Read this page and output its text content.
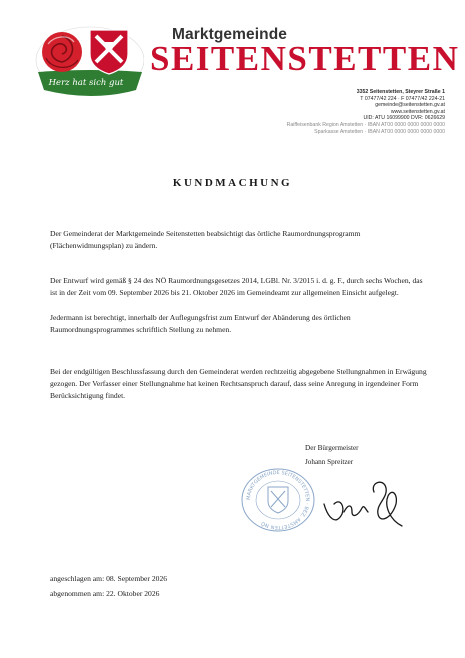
Herz hat sich gut
Marktgemeinde
SEITENSTETTEN
3352 Seitenstetten, Steyrer Straße 1
T 07477/42 224 · F 07477/42 224-21
gemeinde@seitenstetten.gv.at
www.seitenstetten.gv.at
UID: ATU 16099900 DVR: 0626629
Raiffeisenbank Region Amstetten · IBAN AT00 0000 0000 0000 0000
Sparkasse Amstetten · IBAN AT00 0000 0000 0000 0000
KUNDMACHUNG
Der Gemeinderat der Marktgemeinde Seitenstetten beabsichtigt das örtliche Raumordnungsprogramm (Flächenwidmungsplan) zu ändern.
Der Entwurf wird gemäß § 24 des NÖ Raumordnungsgesetzes 2014, LGBl. Nr. 3/2015 i. d. g. F., durch sechs Wochen, das ist in der Zeit vom 09. September 2026 bis 21. Oktober 2026 im Gemeindeamt zur allgemeinen Einsicht aufgelegt.
Jedermann ist berechtigt, innerhalb der Auflegungsfrist zum Entwurf der Abänderung des örtlichen Raumordnungsprogrammes schriftlich Stellung zu nehmen.
Bei der endgültigen Beschlussfassung durch den Gemeinderat werden rechtzeitig abgegebene Stellungnahmen in Erwägung gezogen. Der Verfasser einer Stellungnahme hat keinen Rechtsanspruch darauf, dass seine Anregung in irgendeiner Form Berücksichtigung findet.
Der Bürgermeister
Johann Spreitzer
MARKTGEMEINDE SEITENSTETTEN · BEZ. AMSTETTEN NÖ
angeschlagen am: 08. September 2026
abgenommen am: 22. Oktober 2026
